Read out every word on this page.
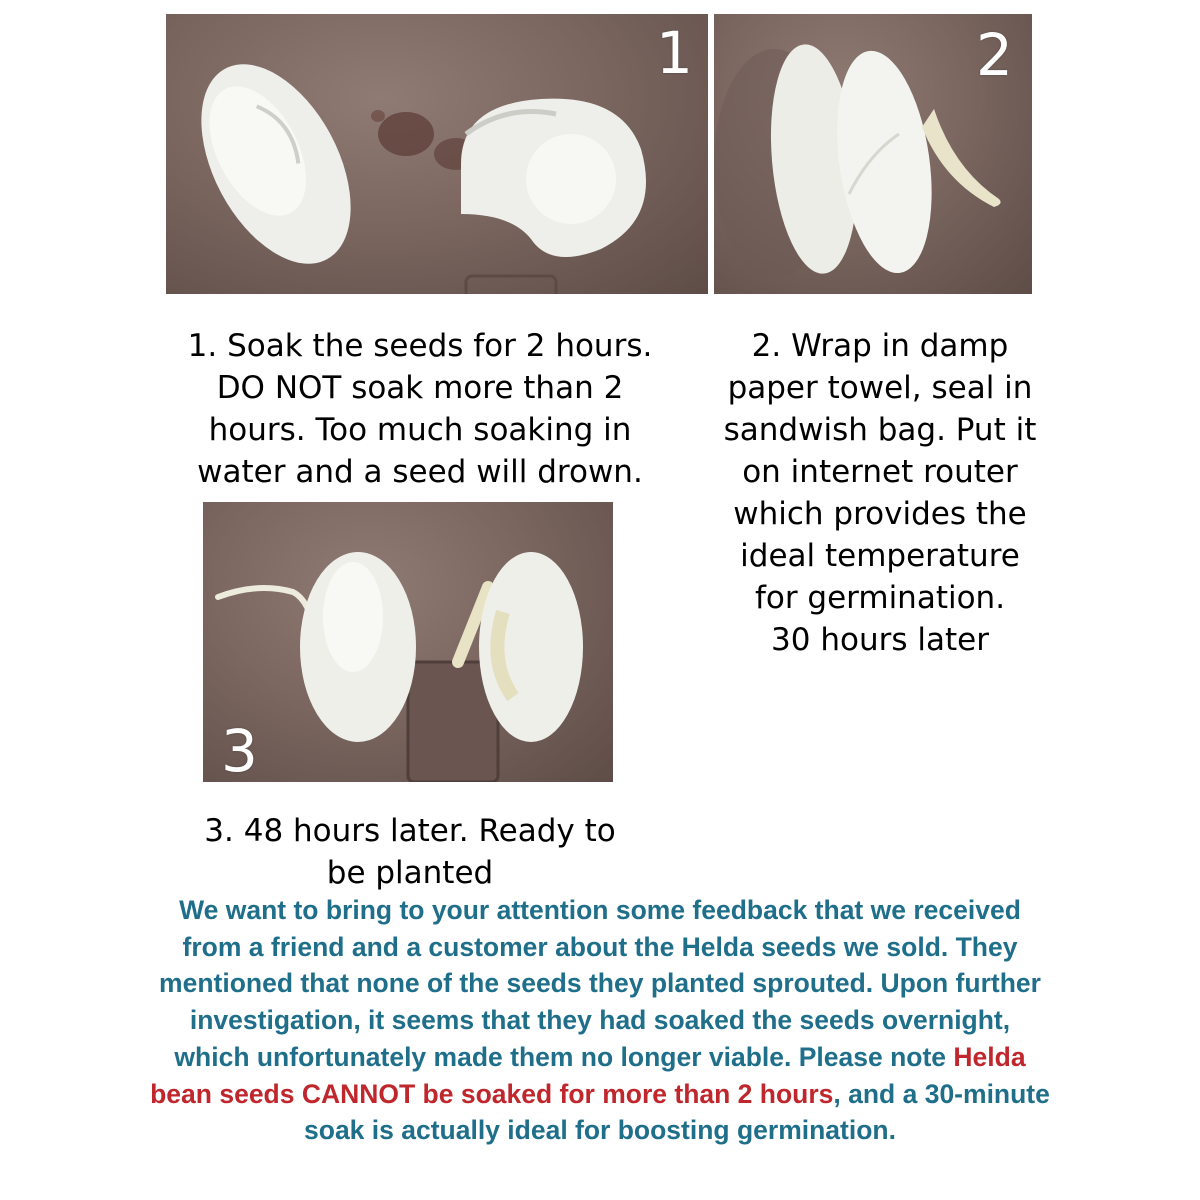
1	2
1. Soak the seeds for 2 hours.
DO NOT soak more than 2
hours. Too much soaking in
water and a seed will drown.
2. Wrap in damp
paper towel, seal in
sandwish bag. Put it
on internet router
which provides the
ideal temperature
for germination.
30 hours later
3
3. 48 hours later. Ready to
be planted
We want to bring to your attention some feedback that we received from a friend and a customer about the Helda seeds we sold. They mentioned that none of the seeds they planted sprouted. Upon further investigation, it seems that they had soaked the seeds overnight, which unfortunately made them no longer viable. Please note Helda bean seeds CANNOT be soaked for more than 2 hours, and a 30-minute soak is actually ideal for boosting germination.
